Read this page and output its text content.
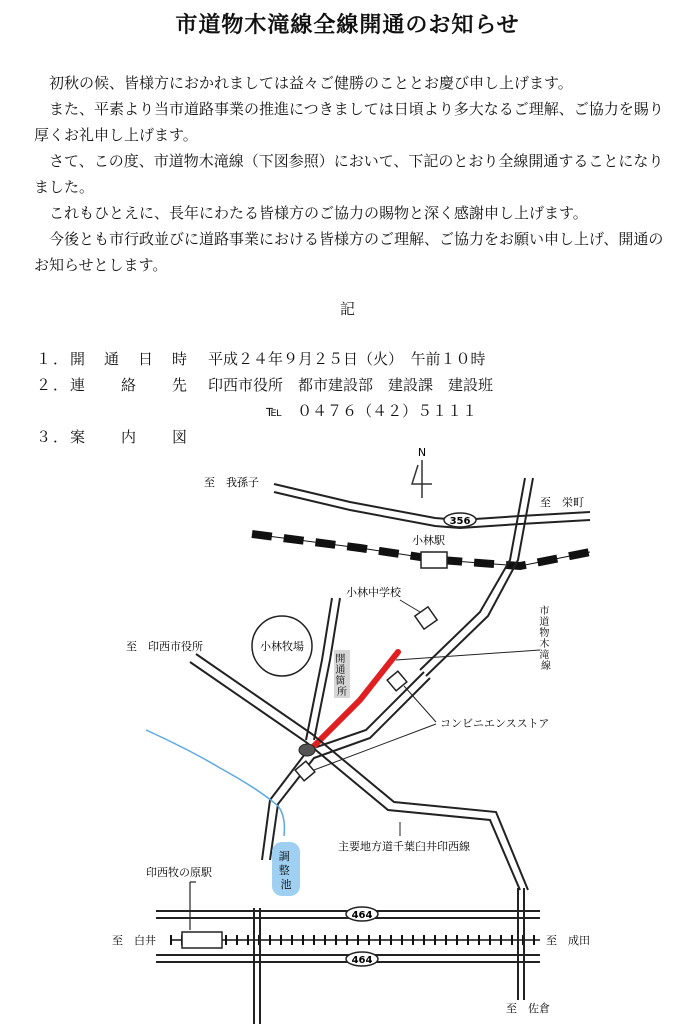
市道物木滝線全線開通のお知らせ

初秋の候、皆様方におかれましては益々ご健勝のこととお慶び申し上げます。

また、平素より当市道路事業の推進につきましては日頃より多大なるご理解、ご協力を賜り厚くお礼申し上げます。

さて、この度、市道物木滝線（下図参照）において、下記のとおり全線開通することになりました。

これもひとえに、長年にわたる皆様方のご協力の賜物と深く感謝申し上げます。

今後とも市行政並びに道路事業における皆様方のご理解、ご協力をお願い申し上げ、開通のお知らせとします。

記
１．開　通　日　時 平成２４年９月２５日（火）　午前１０時
２．連　　絡　　先 印西市役所　都市建設部　建設課　建設班
℡　０４７６（４２）５１１１
３．案　　内　　図
N
356
至　我孫子
至　栄町
小林駅
小林中学校
小林牧場
至　印西市役所
開 通 箇 所
市 道 物 木 滝 線
コンビニエンスストア
主要地方道千葉臼井印西線
調 整 池
印西牧の原駅
464
464
至　白井	至　成田
至　佐倉
